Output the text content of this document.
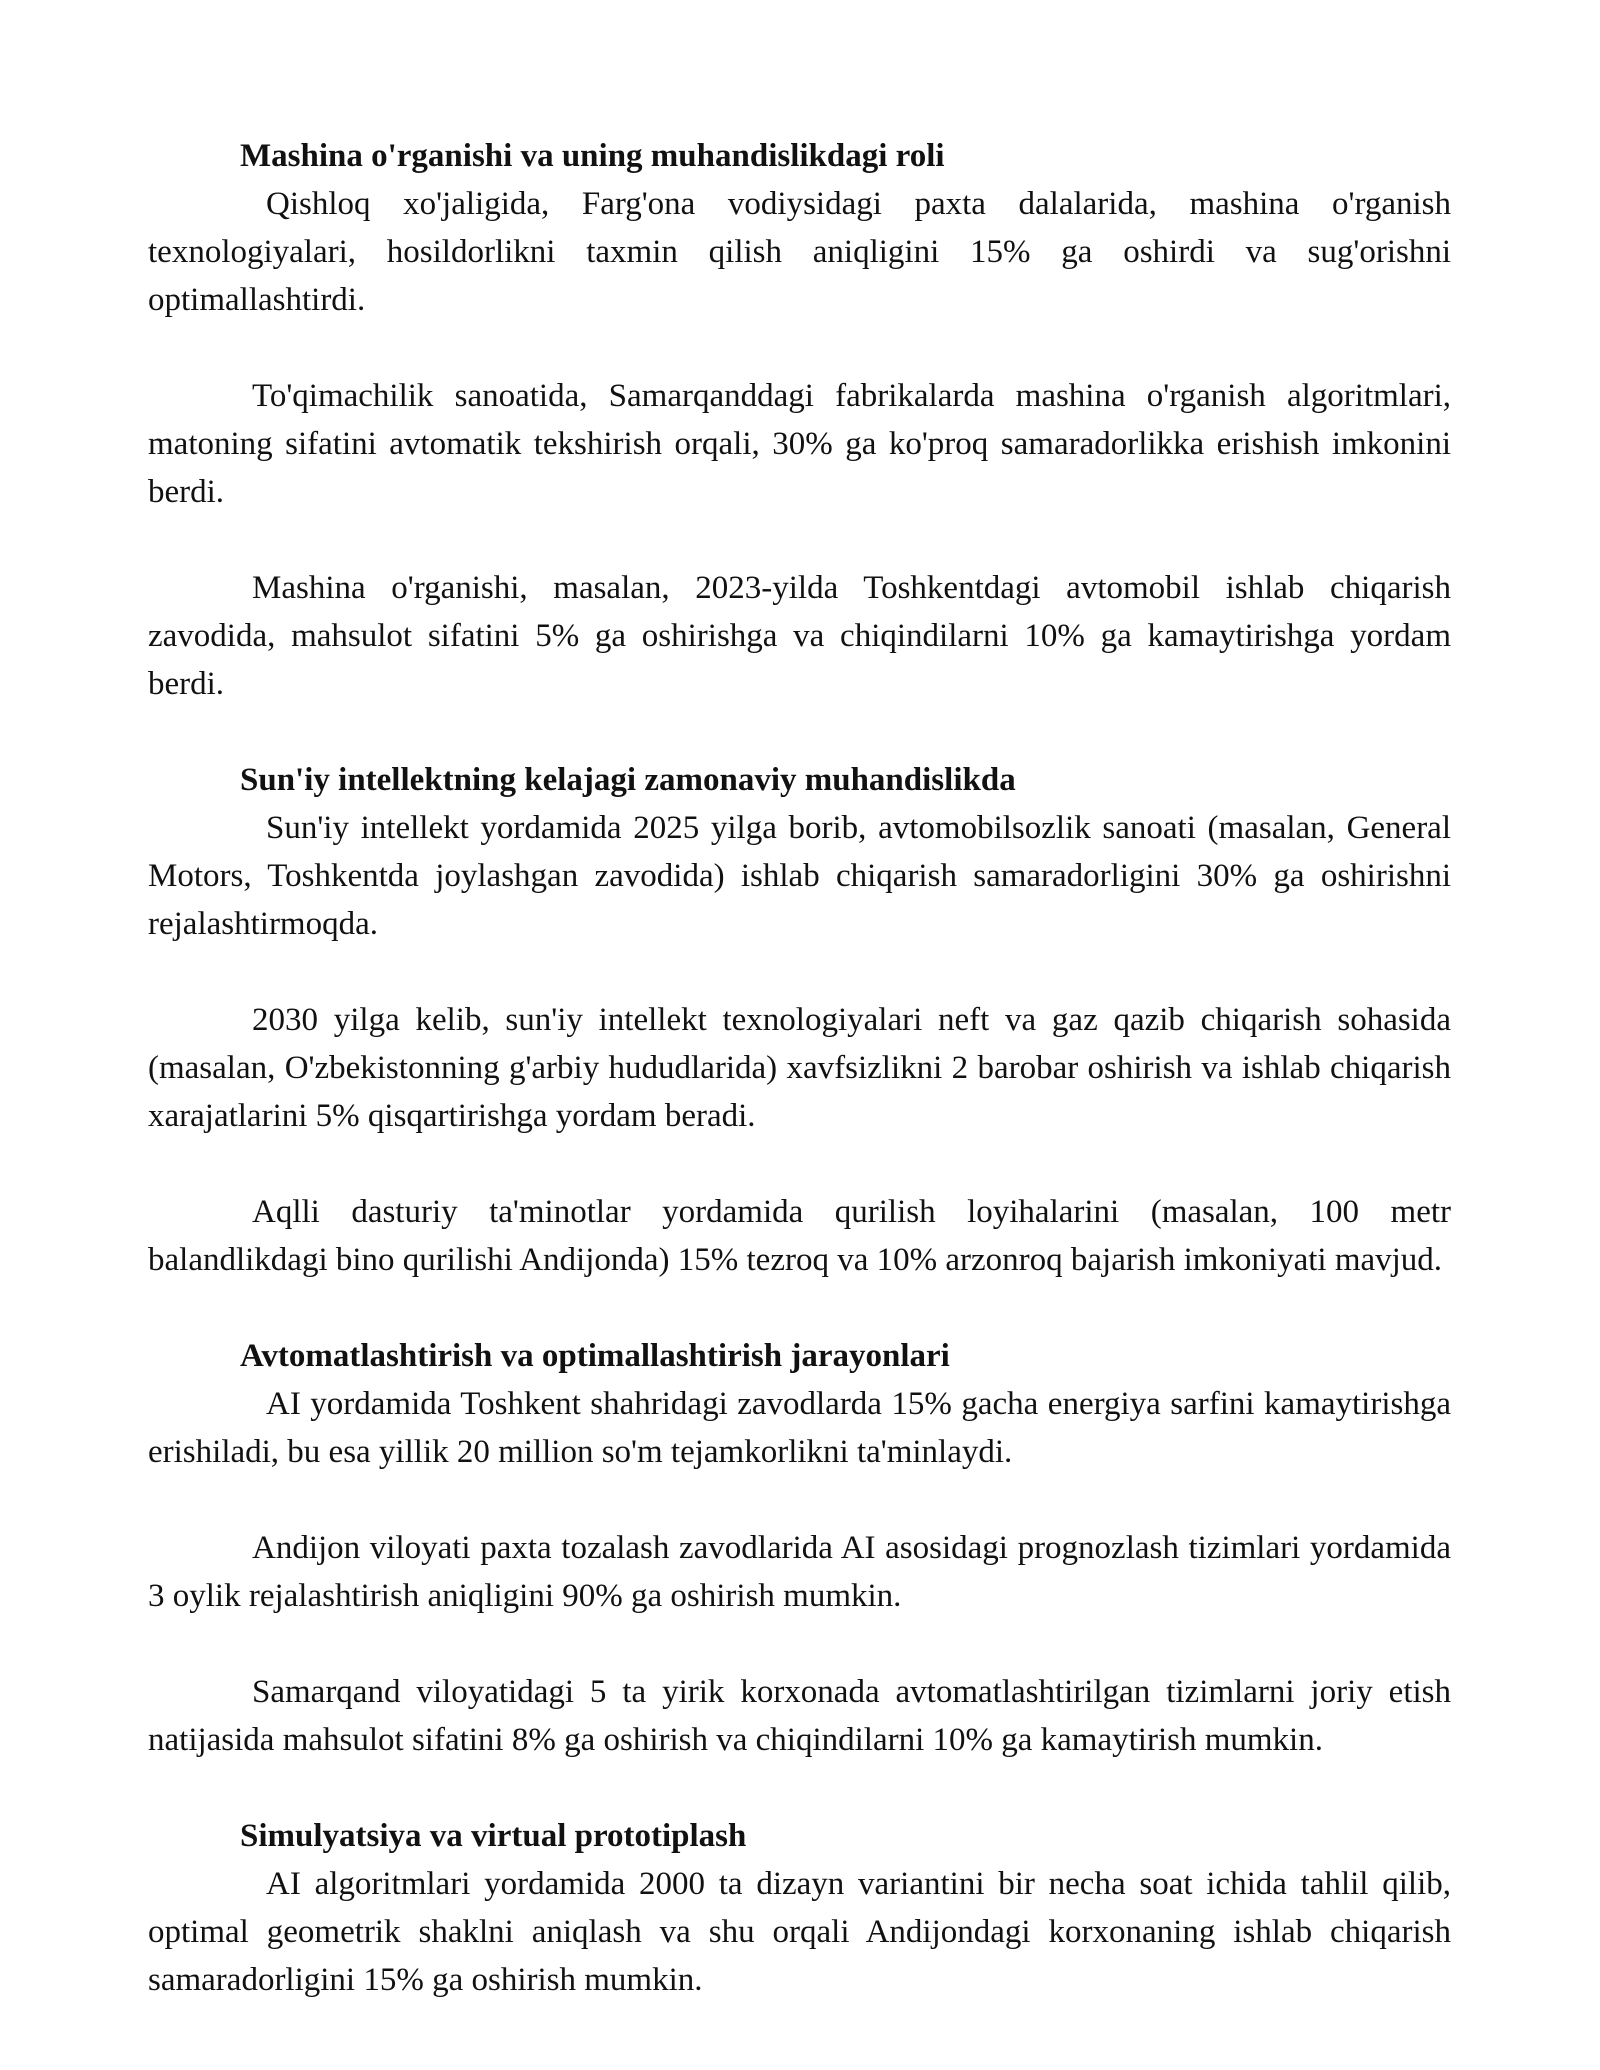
Mashina o'rganishi va uning muhandislikdagi roli

Qishloq xo'jaligida, Farg'ona vodiysidagi paxta dalalarida, mashina o'rganish texnologiyalari, hosildorlikni taxmin qilish aniqligini 15% ga oshirdi va sug'orishni optimallashtirdi.

To'qimachilik sanoatida, Samarqanddagi fabrikalarda mashina o'rganish algoritmlari, matoning sifatini avtomatik tekshirish orqali, 30% ga ko'proq samaradorlikka erishish imkonini berdi.

Mashina o'rganishi, masalan, 2023-yilda Toshkentdagi avtomobil ishlab chiqarish zavodida, mahsulot sifatini 5% ga oshirishga va chiqindilarni 10% ga kamaytirishga yordam berdi.

Sun'iy intellektning kelajagi zamonaviy muhandislikda

Sun'iy intellekt yordamida 2025 yilga borib, avtomobilsozlik sanoati (masalan, General Motors, Toshkentda joylashgan zavodida) ishlab chiqarish samaradorligini 30% ga oshirishni rejalashtirmoqda.

2030 yilga kelib, sun'iy intellekt texnologiyalari neft va gaz qazib chiqarish sohasida (masalan, O'zbekistonning g'arbiy hududlarida) xavfsizlikni 2 barobar oshirish va ishlab chiqarish xarajatlarini 5% qisqartirishga yordam beradi.

Aqlli dasturiy ta'minotlar yordamida qurilish loyihalarini (masalan, 100 metr balandlikdagi bino qurilishi Andijonda) 15% tezroq va 10% arzonroq bajarish imkoniyati mavjud.

Avtomatlashtirish va optimallashtirish jarayonlari

AI yordamida Toshkent shahridagi zavodlarda 15% gacha energiya sarfini kamaytirishga erishiladi, bu esa yillik 20 million so'm tejamkorlikni ta'minlaydi.

Andijon viloyati paxta tozalash zavodlarida AI asosidagi prognozlash tizimlari yordamida 3 oylik rejalashtirish aniqligini 90% ga oshirish mumkin.

Samarqand viloyatidagi 5 ta yirik korxonada avtomatlashtirilgan tizimlarni joriy etish natijasida mahsulot sifatini 8% ga oshirish va chiqindilarni 10% ga kamaytirish mumkin.

Simulyatsiya va virtual prototiplash

AI algoritmlari yordamida 2000 ta dizayn variantini bir necha soat ichida tahlil qilib, optimal geometrik shaklni aniqlash va shu orqali Andijondagi korxonaning ishlab chiqarish samaradorligini 15% ga oshirish mumkin.
